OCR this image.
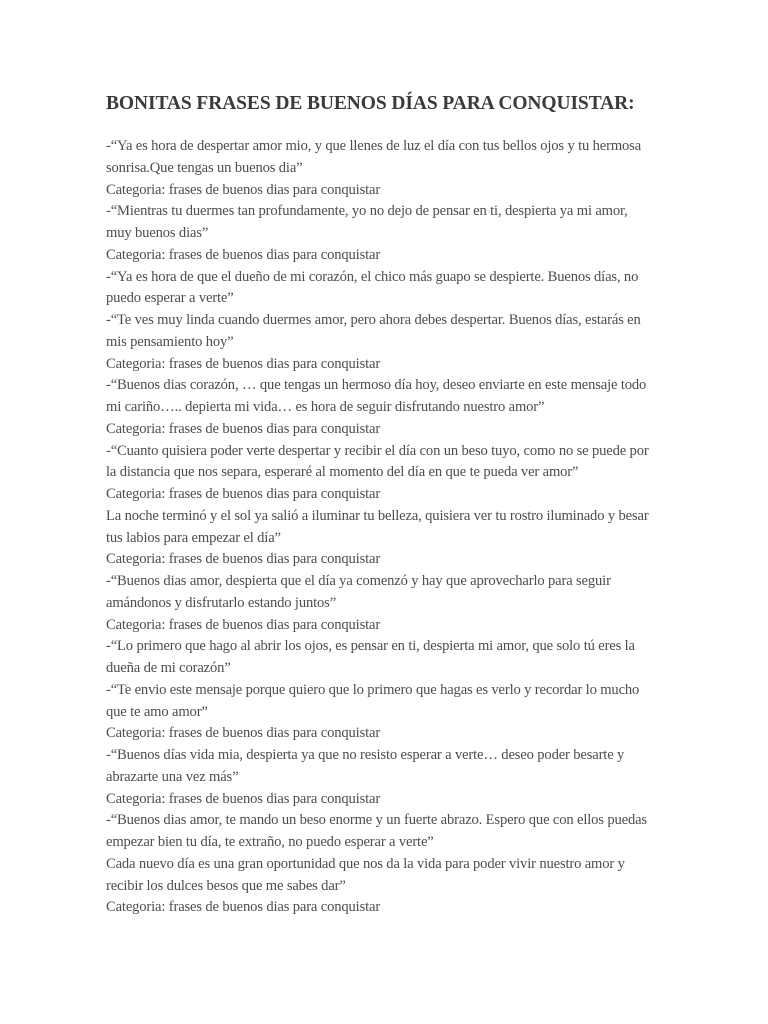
BONITAS FRASES DE BUENOS DÍAS PARA CONQUISTAR:
-“Ya es hora de despertar amor mio, y que llenes de luz el día con tus bellos ojos y tu hermosa
sonrisa.Que tengas un buenos dia”
Categoria: frases de buenos dias para conquistar
-“Mientras tu duermes tan profundamente, yo no dejo de pensar en ti, despierta ya mi amor,
muy buenos dias”
Categoria: frases de buenos dias para conquistar
-“Ya es hora de que el dueño de mi corazón, el chico más guapo se despierte. Buenos días, no
puedo esperar a verte”
-“Te ves muy linda cuando duermes amor, pero ahora debes despertar. Buenos días, estarás en
mis pensamiento hoy”
Categoria: frases de buenos dias para conquistar
-“Buenos dias corazón, … que tengas un hermoso día hoy, deseo enviarte en este mensaje todo
mi cariño….. depierta mi vida… es hora de seguir disfrutando nuestro amor”
Categoria: frases de buenos dias para conquistar
-“Cuanto quisiera poder verte despertar y recibir el día con un beso tuyo, como no se puede por
la distancia que nos separa, esperaré al momento del día en que te pueda ver amor”
Categoria: frases de buenos dias para conquistar
La noche terminó y el sol ya salió a iluminar tu belleza, quisiera ver tu rostro iluminado y besar
tus labios para empezar el día”
Categoria: frases de buenos dias para conquistar
-“Buenos dias amor, despierta que el día ya comenzó y hay que aprovecharlo para seguir
amándonos y disfrutarlo estando juntos”
Categoria: frases de buenos dias para conquistar
-“Lo primero que hago al abrir los ojos, es pensar en ti, despierta mi amor, que solo tú eres la
dueña de mi corazón”
-“Te envio este mensaje porque quiero que lo primero que hagas es verlo y recordar lo mucho
que te amo amor”
Categoria: frases de buenos dias para conquistar
-“Buenos días vida mia, despierta ya que no resisto esperar a verte… deseo poder besarte y
abrazarte una vez más”
Categoria: frases de buenos dias para conquistar
-“Buenos dias amor, te mando un beso enorme y un fuerte abrazo. Espero que con ellos puedas
empezar bien tu día, te extraño, no puedo esperar a verte”
Cada nuevo día es una gran oportunidad que nos da la vida para poder vivir nuestro amor y
recibir los dulces besos que me sabes dar”
Categoria: frases de buenos dias para conquistar
